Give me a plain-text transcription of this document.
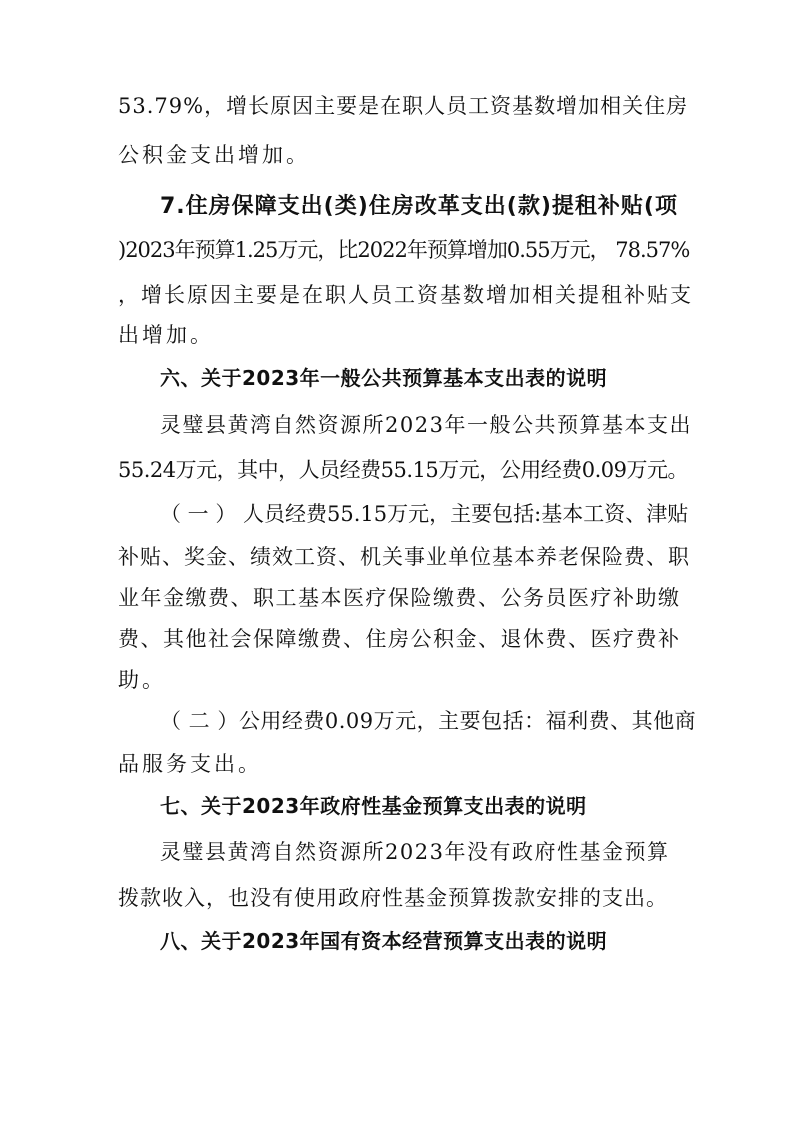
53.79%，增长原因主要是在职人员工资基数增加相关住房
公积金支出增加。
7.住房保障支出(类)住房改革支出(款)提租补贴(项
)2023年预算1.25万元，比2022年预算增加0.55万元， 78.57%
，增长原因主要是在职人员工资基数增加相关提租补贴支
出增加。
六、关于2023年一般公共预算基本支出表的说明
灵璧县黄湾自然资源所2023年一般公共预算基本支出
55.24万元，其中，人员经费55.15万元，公用经费0.09万元。
（ 一 ） 人员经费55.15万元，主要包括:基本工资、津贴
补贴、奖金、绩效工资、机关事业单位基本养老保险费、职
业年金缴费、职工基本医疗保险缴费、公务员医疗补助缴
费、其他社会保障缴费、住房公积金、退休费、医疗费补
助。
（ 二 ）公用经费0.09万元，主要包括：福利费、其他商
品服务支出。
七、关于2023年政府性基金预算支出表的说明
灵璧县黄湾自然资源所2023年没有政府性基金预算
拨款收入，也没有使用政府性基金预算拨款安排的支出。
八、关于2023年国有资本经营预算支出表的说明
